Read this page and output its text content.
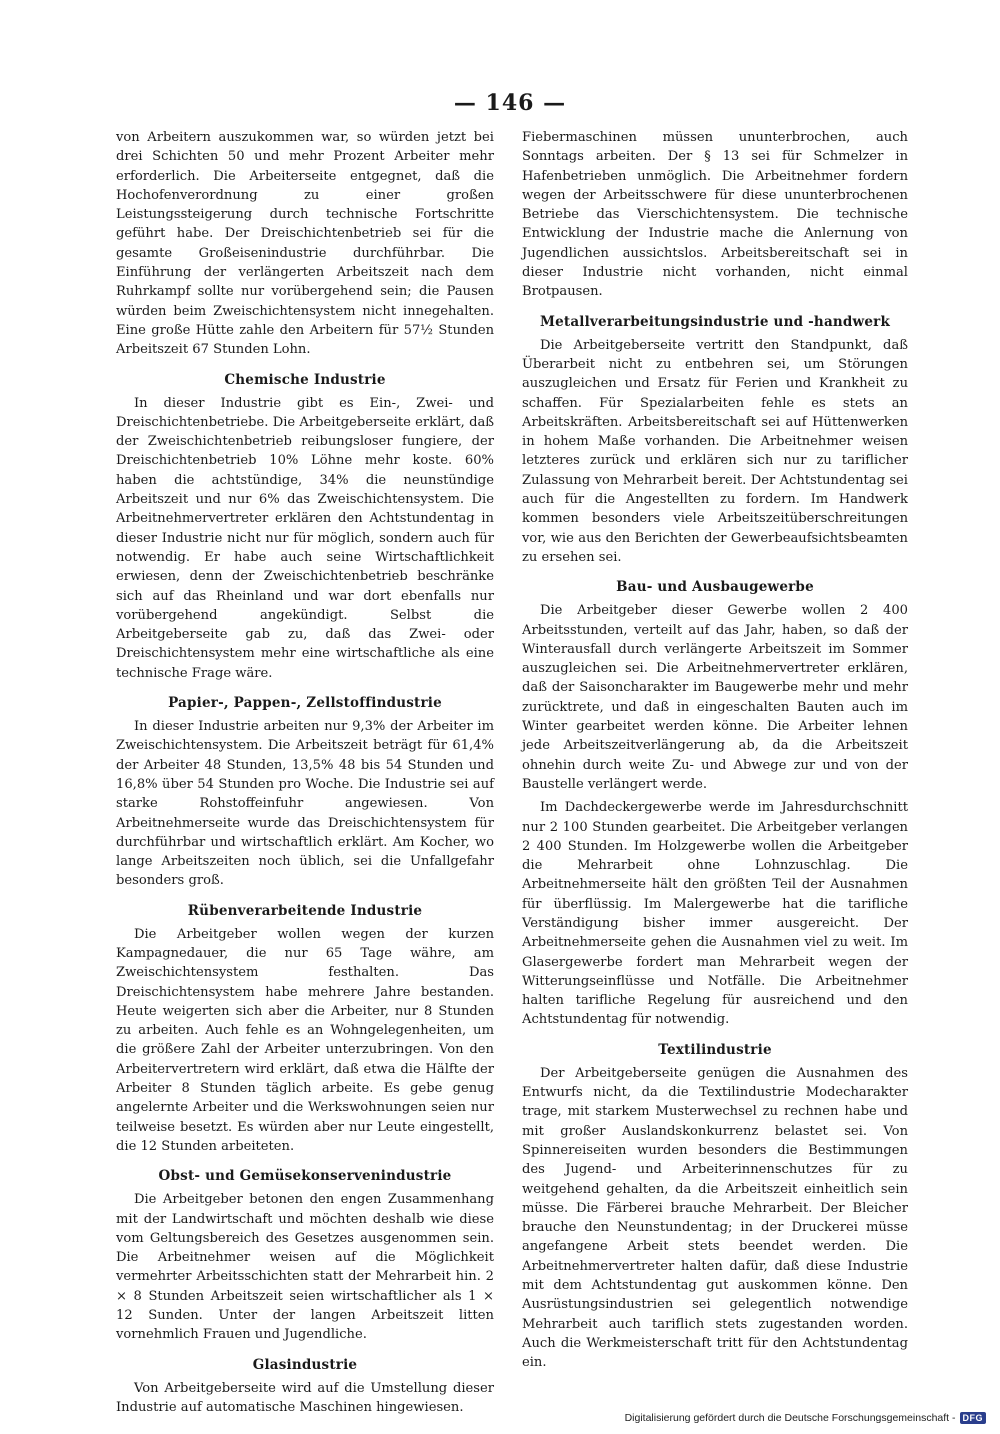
— 146 —

von Arbeitern auszukommen war, so würden jetzt bei drei Schichten 50 und mehr Prozent Arbeiter mehr erforderlich. Die Arbeiterseite entgegnet, daß die Hochofenverordnung zu einer großen Leistungssteigerung durch technische Fortschritte geführt habe. Der Dreischichtenbetrieb sei für die gesamte Großeisenindustrie durchführbar. Die Einführung der verlängerten Arbeitszeit nach dem Ruhrkampf sollte nur vorübergehend sein; die Pausen würden beim Zweischichtensystem nicht innegehalten. Eine große Hütte zahle den Arbeitern für 57½ Stunden Arbeitszeit 67 Stunden Lohn.

Chemische Industrie

In dieser Industrie gibt es Ein-, Zwei- und Dreischichtenbetriebe. Die Arbeitgeberseite erklärt, daß der Zweischichtenbetrieb reibungsloser fungiere, der Dreischichtenbetrieb 10% Löhne mehr koste. 60% haben die achtstündige, 34% die neunstündige Arbeitszeit und nur 6% das Zweischichtensystem. Die Arbeitnehmervertreter erklären den Achtstundentag in dieser Industrie nicht nur für möglich, sondern auch für notwendig. Er habe auch seine Wirtschaftlichkeit erwiesen, denn der Zweischichtenbetrieb beschränke sich auf das Rheinland und war dort ebenfalls nur vorübergehend angekündigt. Selbst die Arbeitgeberseite gab zu, daß das Zwei- oder Dreischichtensystem mehr eine wirtschaftliche als eine technische Frage wäre.

Papier-, Pappen-, Zellstoffindustrie

In dieser Industrie arbeiten nur 9,3% der Arbeiter im Zweischichtensystem. Die Arbeitszeit beträgt für 61,4% der Arbeiter 48 Stunden, 13,5% 48 bis 54 Stunden und 16,8% über 54 Stunden pro Woche. Die Industrie sei auf starke Rohstoffeinfuhr angewiesen. Von Arbeitnehmerseite wurde das Dreischichtensystem für durchführbar und wirtschaftlich erklärt. Am Kocher, wo lange Arbeitszeiten noch üblich, sei die Unfallgefahr besonders groß.

Rübenverarbeitende Industrie

Die Arbeitgeber wollen wegen der kurzen Kampagnedauer, die nur 65 Tage währe, am Zweischichtensystem festhalten. Das Dreischichtensystem habe mehrere Jahre bestanden. Heute weigerten sich aber die Arbeiter, nur 8 Stunden zu arbeiten. Auch fehle es an Wohngelegenheiten, um die größere Zahl der Arbeiter unterzubringen. Von den Arbeitervertretern wird erklärt, daß etwa die Hälfte der Arbeiter 8 Stunden täglich arbeite. Es gebe genug angelernte Arbeiter und die Werkswohnungen seien nur teilweise besetzt. Es würden aber nur Leute eingestellt, die 12 Stunden arbeiteten.

Obst- und Gemüsekonservenindustrie

Die Arbeitgeber betonen den engen Zusammenhang mit der Landwirtschaft und möchten deshalb wie diese vom Geltungsbereich des Gesetzes ausgenommen sein. Die Arbeitnehmer weisen auf die Möglichkeit vermehrter Arbeitsschichten statt der Mehrarbeit hin. 2 × 8 Stunden Arbeitszeit seien wirtschaftlicher als 1 × 12 Sunden. Unter der langen Arbeitszeit litten vornehmlich Frauen und Jugendliche.

Glasindustrie

Von Arbeitgeberseite wird auf die Umstellung dieser Industrie auf automatische Maschinen hingewiesen.

Fiebermaschinen müssen ununterbrochen, auch Sonntags arbeiten. Der § 13 sei für Schmelzer in Hafenbetrieben unmöglich. Die Arbeitnehmer fordern wegen der Arbeitsschwere für diese ununterbrochenen Betriebe das Vierschichtensystem. Die technische Entwicklung der Industrie mache die Anlernung von Jugendlichen aussichtslos. Arbeitsbereitschaft sei in dieser Industrie nicht vorhanden, nicht einmal Brotpausen.

Metallverarbeitungsindustrie und -handwerk

Die Arbeitgeberseite vertritt den Standpunkt, daß Überarbeit nicht zu entbehren sei, um Störungen auszugleichen und Ersatz für Ferien und Krankheit zu schaffen. Für Spezialarbeiten fehle es stets an Arbeitskräften. Arbeitsbereitschaft sei auf Hüttenwerken in hohem Maße vorhanden. Die Arbeitnehmer weisen letzteres zurück und erklären sich nur zu tariflicher Zulassung von Mehrarbeit bereit. Der Achtstundentag sei auch für die Angestellten zu fordern. Im Handwerk kommen besonders viele Arbeitszeitüberschreitungen vor, wie aus den Berichten der Gewerbeaufsichtsbeamten zu ersehen sei.

Bau- und Ausbaugewerbe

Die Arbeitgeber dieser Gewerbe wollen 2 400 Arbeitsstunden, verteilt auf das Jahr, haben, so daß der Winterausfall durch verlängerte Arbeitszeit im Sommer auszugleichen sei. Die Arbeitnehmervertreter erklären, daß der Saisoncharakter im Baugewerbe mehr und mehr zurücktrete, und daß in eingeschalten Bauten auch im Winter gearbeitet werden könne. Die Arbeiter lehnen jede Arbeitszeitverlängerung ab, da die Arbeitszeit ohnehin durch weite Zu- und Abwege zur und von der Baustelle verlängert werde.

Im Dachdeckergewerbe werde im Jahresdurchschnitt nur 2 100 Stunden gearbeitet. Die Arbeitgeber verlangen 2 400 Stunden. Im Holzgewerbe wollen die Arbeitgeber die Mehrarbeit ohne Lohnzuschlag. Die Arbeitnehmerseite hält den größten Teil der Ausnahmen für überflüssig. Im Malergewerbe hat die tarifliche Verständigung bisher immer ausgereicht. Der Arbeitnehmerseite gehen die Ausnahmen viel zu weit. Im Glasergewerbe fordert man Mehrarbeit wegen der Witterungseinflüsse und Notfälle. Die Arbeitnehmer halten tarifliche Regelung für ausreichend und den Achtstundentag für notwendig.

Textilindustrie

Der Arbeitgeberseite genügen die Ausnahmen des Entwurfs nicht, da die Textilindustrie Modecharakter trage, mit starkem Musterwechsel zu rechnen habe und mit großer Auslandskonkurrenz belastet sei. Von Spinnereiseiten wurden besonders die Bestimmungen des Jugend- und Arbeiterinnenschutzes für zu weitgehend gehalten, da die Arbeitszeit einheitlich sein müsse. Die Färberei brauche Mehrarbeit. Der Bleicher brauche den Neunstundentag; in der Druckerei müsse angefangene Arbeit stets beendet werden. Die Arbeitnehmervertreter halten dafür, daß diese Industrie mit dem Achtstundentag gut auskommen könne. Den Ausrüstungsindustrien sei gelegentlich notwendige Mehrarbeit auch tariflich stets zugestanden worden. Auch die Werkmeisterschaft tritt für den Achtstundentag ein.

Digitalisierung gefördert durch die Deutsche Forschungsgemeinschaft - DFG
